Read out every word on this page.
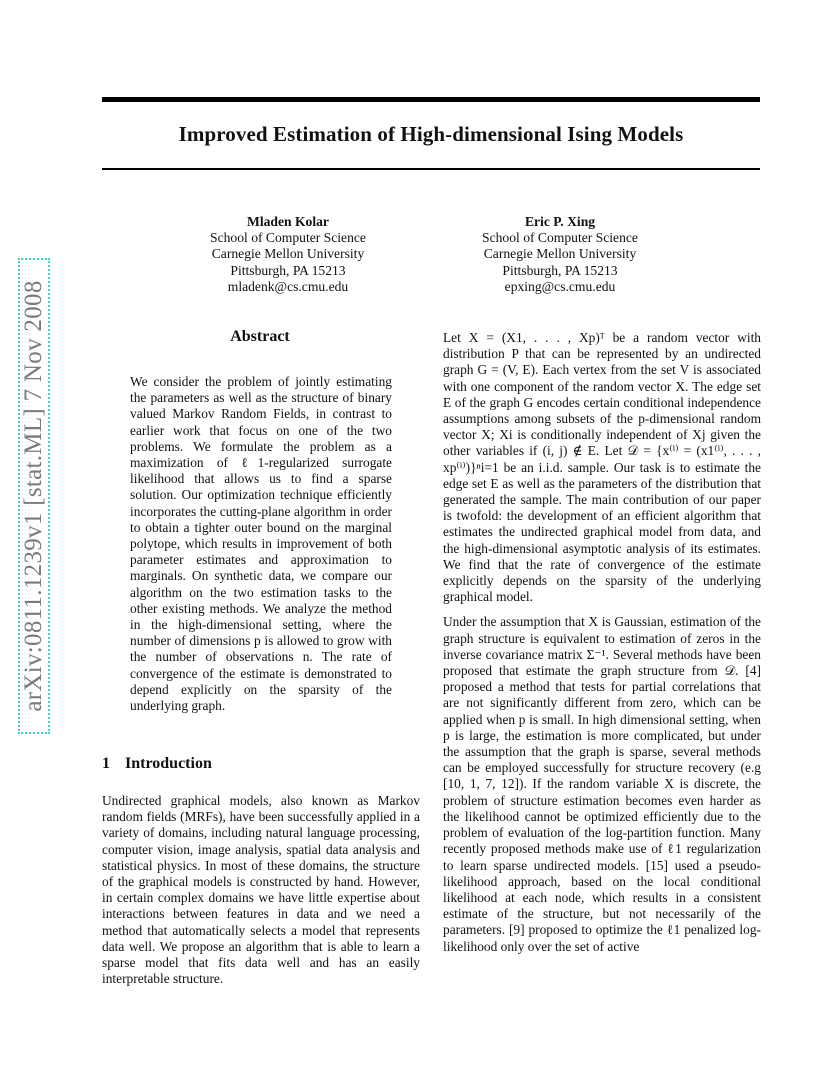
Improved Estimation of High-dimensional Ising Models
Mladen Kolar
School of Computer Science
Carnegie Mellon University
Pittsburgh, PA 15213
mladenk@cs.cmu.edu
Eric P. Xing
School of Computer Science
Carnegie Mellon University
Pittsburgh, PA 15213
epxing@cs.cmu.edu
arXiv:0811.1239v1 [stat.ML] 7 Nov 2008	Abstract
We consider the problem of jointly estimating the parameters as well as the structure of binary valued Markov Random Fields, in contrast to earlier work that focus on one of the two problems. We formulate the problem as a maximization of ℓ1-regularized surrogate likelihood that allows us to find a sparse solution. Our optimization technique efficiently incorporates the cutting-plane algorithm in order to obtain a tighter outer bound on the marginal polytope, which results in improvement of both parameter estimates and approximation to marginals. On synthetic data, we compare our algorithm on the two estimation tasks to the other existing methods. We analyze the method in the high-dimensional setting, where the number of dimensions p is allowed to grow with the number of observations n. The rate of convergence of the estimate is demonstrated to depend explicitly on the sparsity of the underlying graph.
1 Introduction

Undirected graphical models, also known as Markov random fields (MRFs), have been successfully applied in a variety of domains, including natural language processing, computer vision, image analysis, spatial data analysis and statistical physics. In most of these domains, the structure of the graphical models is constructed by hand. However, in certain complex domains we have little expertise about interactions between features in data and we need a method that automatically selects a model that represents data well. We propose an algorithm that is able to learn a sparse model that fits data well and has an easily interpretable structure.

Let X = (X1, . . . , Xp)ᵀ be a random vector with distribution P that can be represented by an undirected graph G = (V, E). Each vertex from the set V is associated with one component of the random vector X. The edge set E of the graph G encodes certain conditional independence assumptions among subsets of the p-dimensional random vector X; Xi is conditionally independent of Xj given the other variables if (i, j) ∉ E. Let 𝒟 = {x⁽ⁱ⁾ = (x1⁽ⁱ⁾, . . . , xp⁽ⁱ⁾)}ⁿi=1 be an i.i.d. sample. Our task is to estimate the edge set E as well as the parameters of the distribution that generated the sample. The main contribution of our paper is twofold: the development of an efficient algorithm that estimates the undirected graphical model from data, and the high-dimensional asymptotic analysis of its estimates. We find that the rate of convergence of the estimate explicitly depends on the sparsity of the underlying graphical model.

Under the assumption that X is Gaussian, estimation of the graph structure is equivalent to estimation of zeros in the inverse covariance matrix Σ⁻¹. Several methods have been proposed that estimate the graph structure from 𝒟. [4] proposed a method that tests for partial correlations that are not significantly different from zero, which can be applied when p is small. In high dimensional setting, when p is large, the estimation is more complicated, but under the assumption that the graph is sparse, several methods can be employed successfully for structure recovery (e.g [10, 1, 7, 12]). If the random variable X is discrete, the problem of structure estimation becomes even harder as the likelihood cannot be optimized efficiently due to the problem of evaluation of the log-partition function. Many recently proposed methods make use of ℓ1 regularization to learn sparse undirected models. [15] used a pseudo-likelihood approach, based on the local conditional likelihood at each node, which results in a consistent estimate of the structure, but not necessarily of the parameters. [9] proposed to optimize the ℓ1 penalized log-likelihood only over the set of active
